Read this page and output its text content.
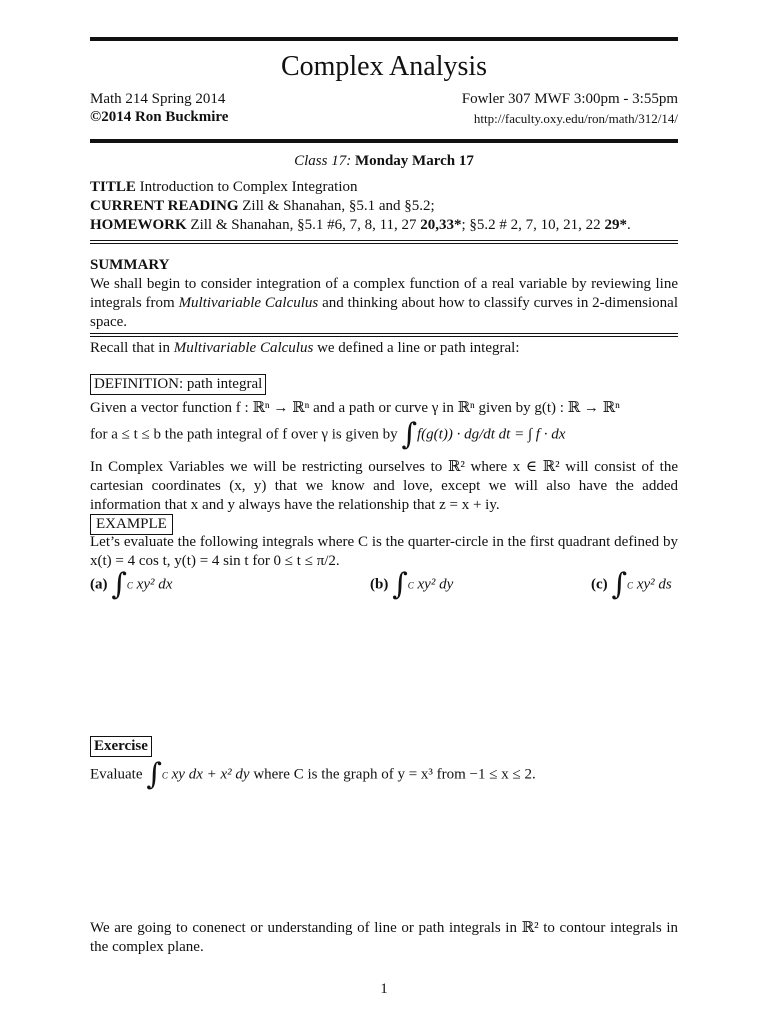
Complex Analysis
Math 214 Spring 2014
©2014 Ron Buckmire
Fowler 307 MWF 3:00pm - 3:55pm
http://faculty.oxy.edu/ron/math/312/14/
Class 17: Monday March 17
TITLE Introduction to Complex Integration
CURRENT READING Zill & Shanahan, §5.1 and §5.2;
HOMEWORK Zill & Shanahan, §5.1 #6, 7, 8, 11, 27 20,33*; §5.2 # 2, 7, 10, 21, 22 29*.
SUMMARY
We shall begin to consider integration of a complex function of a real variable by reviewing line integrals from Multivariable Calculus and thinking about how to classify curves in 2-dimensional space.
Recall that in Multivariable Calculus we defined a line or path integral:
DEFINITION: path integral
Given a vector function f : ℝⁿ → ℝⁿ and a path or curve γ in ℝⁿ given by g(t) : ℝ → ℝⁿ
for a ≤ t ≤ b the path integral of f over γ is given by ∫f(g(t)) · dg/dt dt = ∫ f · dx
In Complex Variables we will be restricting ourselves to ℝ² where x ∈ ℝ² will consist of the cartesian coordinates (x, y) that we know and love, except we will also have the added information that x and y always have the relationship that z = x + iy.
EXAMPLE
Let’s evaluate the following integrals where C is the quarter-circle in the first quadrant defined by x(t) = 4 cos t, y(t) = 4 sin t for 0 ≤ t ≤ π/2.
(a) ∫C xy² dx	(b) ∫C xy² dy	(c) ∫C xy² ds
Exercise
Evaluate ∫C xy dx + x² dy where C is the graph of y = x³ from −1 ≤ x ≤ 2.
We are going to conenect or understanding of line or path integrals in ℝ² to contour integrals in the complex plane.
1
